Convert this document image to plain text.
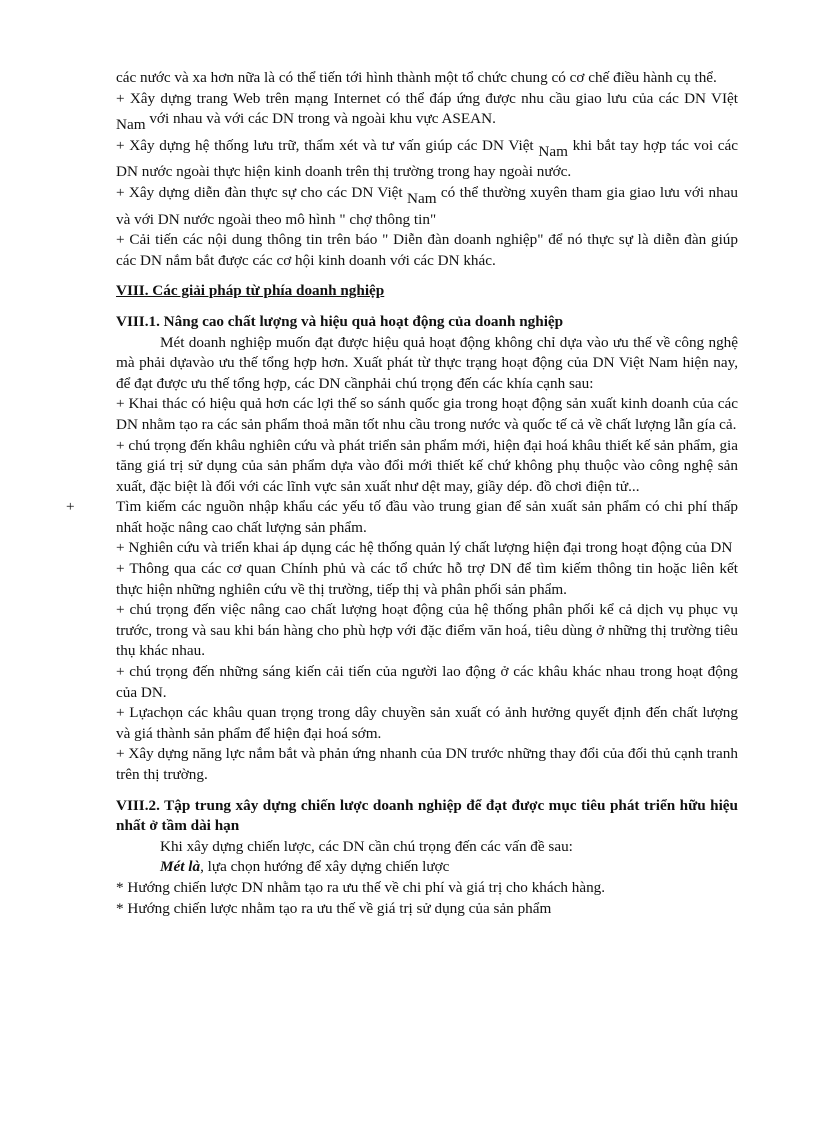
các nước và xa hơn nữa là có thể tiến tới hình thành một tổ chức chung có cơ chế điều hành cụ thể.

+ Xây dựng trang Web trên mạng Internet có thể đáp ứng được nhu cầu giao lưu của các DN VIệt Nam với nhau và với các DN trong và ngoài khu vực ASEAN.

+ Xây dựng hệ thống lưu trữ, thẩm xét và tư vấn giúp các DN Việt Nam khi bắt tay hợp tác voi các DN nước ngoài thực hiện kinh doanh trên thị trường trong hay ngoài nước.

+ Xây dựng diễn đàn thực sự cho các DN Việt Nam có thể thường xuyên tham gia giao lưu với nhau và với DN nước ngoài theo mô hình " chợ thông tin"

+ Cải tiến các nội dung thông tin trên báo " Diễn đàn doanh nghiệp" để nó thực sự là diễn đàn giúp các DN nắm bắt được các cơ hội kinh doanh với các DN khác.

VIII. Các giải pháp từ phía doanh nghiệp

VIII.1. Nâng cao chất lượng và hiệu quả hoạt động của doanh nghiệp

Mét doanh nghiệp muốn đạt được hiệu quả hoạt động không chỉ dựa vào ưu thế về công nghệ mà phải dựavào ưu thế tổng hợp hơn. Xuất phát từ thực trạng hoạt động của DN Việt Nam hiện nay, để đạt được ưu thế tổng hợp, các DN cầnphải chú trọng đến các khía cạnh sau:

+ Khai thác có hiệu quả hơn các lợi thế so sánh quốc gia trong hoạt động sản xuất kinh doanh của các DN nhằm tạo ra các sản phẩm thoả mãn tốt nhu cầu trong nước và quốc tế cả về chất lượng lẫn gía cả.

+ chú trọng đến khâu nghiên cứu và phát triển sản phẩm mới, hiện đại hoá khâu thiết kế sản phẩm, gia tăng giá trị sử dụng của sản phẩm dựa vào đổi mới thiết kế chứ không phụ thuộc vào công nghệ sản xuất, đặc biệt là đối với các lĩnh vực sản xuất như dệt may, giầy dép. đồ chơi điện tử...

+	Tìm kiếm các nguồn nhập khẩu các yếu tố đầu vào trung gian để sản xuất sản phẩm có chi phí thấp nhất hoặc nâng cao chất lượng sản phẩm.

+ Nghiên cứu và triển khai áp dụng các hệ thống quản lý chất lượng hiện đại trong hoạt động của DN

+ Thông qua các cơ quan Chính phủ và các tổ chức hỗ trợ DN để tìm kiếm thông tin hoặc liên kết thực hiện những nghiên cứu về thị trường, tiếp thị và phân phối sản phẩm.

+ chú trọng đến việc nâng cao chất lượng hoạt động của hệ thống phân phối kể cả dịch vụ phục vụ trước, trong và sau khi bán hàng cho phù hợp với đặc điểm văn hoá, tiêu dùng ở những thị trường tiêu thụ khác nhau.

+ chú trọng đến những sáng kiến cải tiến của người lao động ở các khâu khác nhau trong hoạt động của DN.

+ Lựachọn các khâu quan trọng trong dây chuyền sản xuất có ảnh hưởng quyết định đến chất lượng và giá thành sản phẩm để hiện đại hoá sớm.

+ Xây dựng năng lực nắm bắt và phản ứng nhanh của DN trước những thay đổi của đối thủ cạnh tranh trên thị trường.

VIII.2. Tập trung xây dựng chiến lược doanh nghiệp để đạt được mục tiêu phát triển hữu hiệu nhất ở tầm dài hạn

Khi xây dựng chiến lược, các DN cần chú trọng đến các vấn đề sau:

Mét là, lựa chọn hướng để xây dựng chiến lược

* Hướng chiến lược DN nhằm tạo ra ưu thế về chi phí và giá trị cho khách hàng.

* Hướng chiến lược nhằm tạo ra ưu thế về giá trị sử dụng của sản phẩm
